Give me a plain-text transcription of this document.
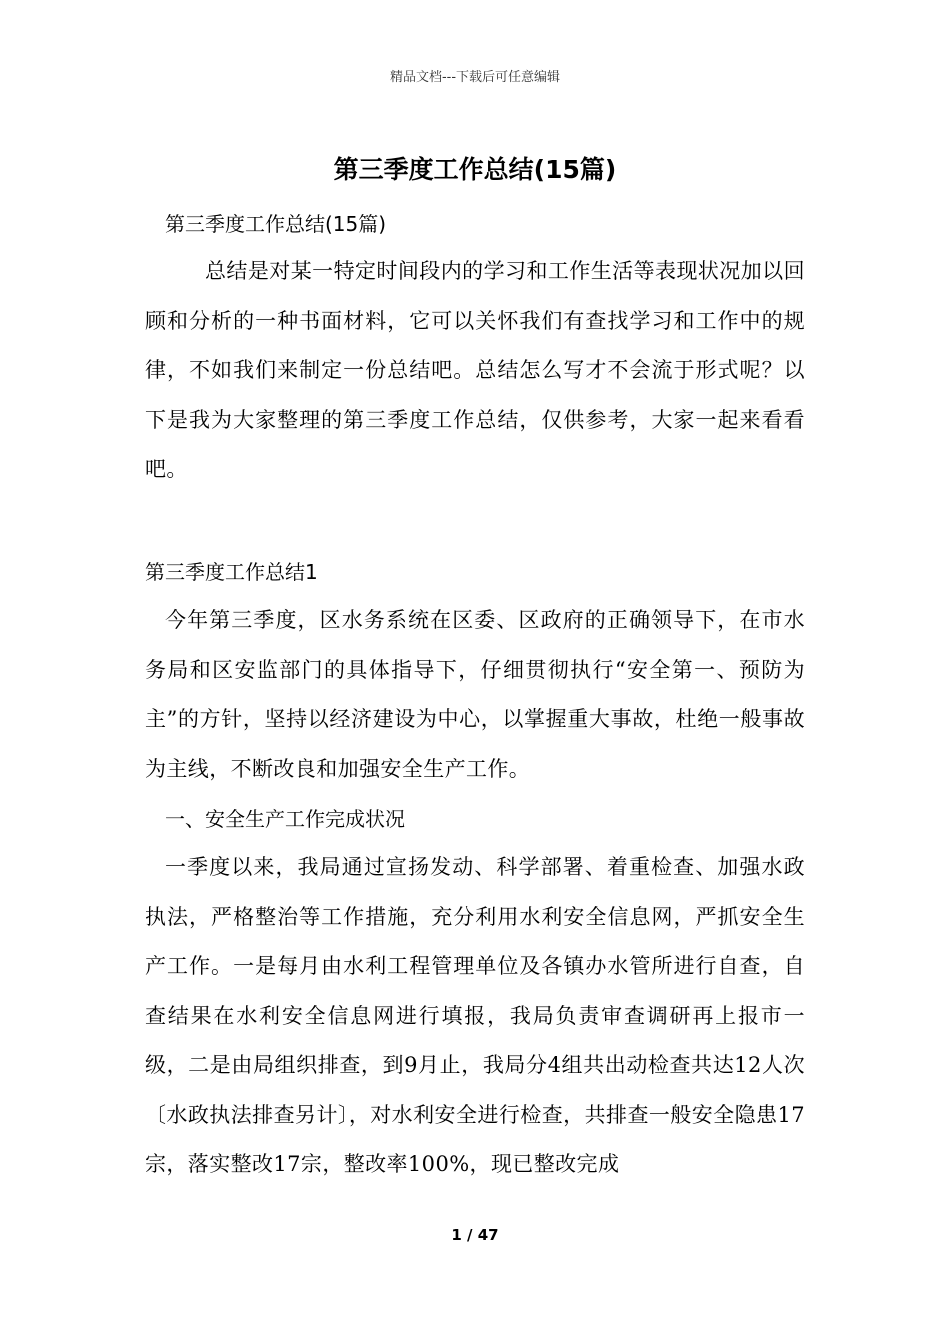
精品文档---下载后可任意编辑
第三季度工作总结(15篇)
第三季度工作总结(15篇)

总结是对某一特定时间段内的学习和工作生活等表现状况加以回顾和分析的一种书面材料，它可以关怀我们有查找学习和工作中的规律，不如我们来制定一份总结吧。总结怎么写才不会流于形式呢？以下是我为大家整理的第三季度工作总结，仅供参考，大家一起来看看吧。

第三季度工作总结1

今年第三季度，区水务系统在区委、区政府的正确领导下，在市水务局和区安监部门的具体指导下，仔细贯彻执行“安全第一、预防为主”的方针，坚持以经济建设为中心，以掌握重大事故，杜绝一般事故为主线，不断改良和加强安全生产工作。

一、安全生产工作完成状况

一季度以来，我局通过宣扬发动、科学部署、着重检查、加强水政执法，严格整治等工作措施，充分利用水利安全信息网，严抓安全生产工作。一是每月由水利工程管理单位及各镇办水管所进行自查，自查结果在水利安全信息网进行填报，我局负责审查调研再上报市一级，二是由局组织排查，到9月止，我局分4组共出动检查共达12人次〔水政执法排查另计〕，对水利安全进行检查，共排查一般安全隐患17宗，落实整改17宗，整改率100%，现已整改完成

1 / 47
